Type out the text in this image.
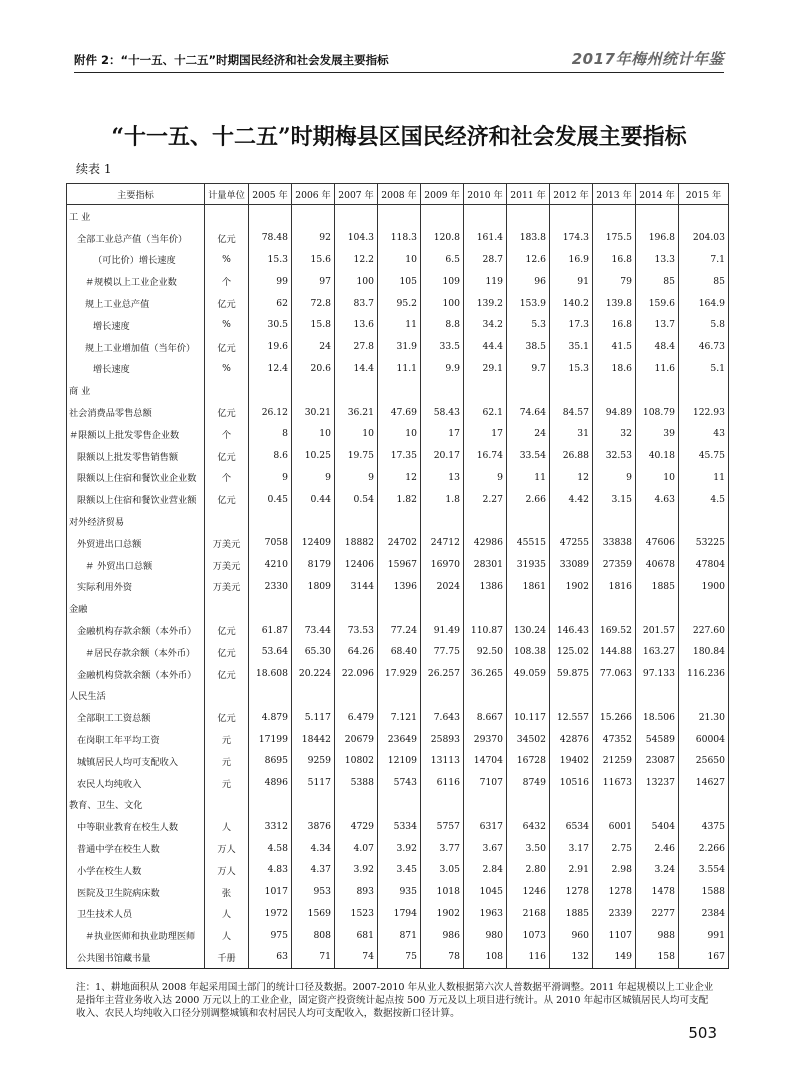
附件 2：“十一五、十二五”时期国民经济和社会发展主要指标	2017年梅州统计年鉴
“十一五、十二五”时期梅县区国民经济和社会发展主要指标
续表 1
主要指标	计量单位	2005 年	2006 年	2007 年	2008 年	2009 年	2010 年	2011 年	2012 年	2013 年	2014 年	2015 年
工 业												
全部工业总产值（当年价）	亿元	78.48	92	104.3	118.3	120.8	161.4	183.8	174.3	175.5	196.8	204.03
（可比价）增长速度	%	15.3	15.6	12.2	10	6.5	28.7	12.6	16.9	16.8	13.3	7.1
＃规模以上工业企业数	个	99	97	100	105	109	119	96	91	79	85	85
规上工业总产值	亿元	62	72.8	83.7	95.2	100	139.2	153.9	140.2	139.8	159.6	164.9
增长速度	%	30.5	15.8	13.6	11	8.8	34.2	5.3	17.3	16.8	13.7	5.8
规上工业增加值（当年价）	亿元	19.6	24	27.8	31.9	33.5	44.4	38.5	35.1	41.5	48.4	46.73
增长速度	%	12.4	20.6	14.4	11.1	9.9	29.1	9.7	15.3	18.6	11.6	5.1
商 业												
社会消费品零售总额	亿元	26.12	30.21	36.21	47.69	58.43	62.1	74.64	84.57	94.89	108.79	122.93
＃限额以上批发零售企业数	个	8	10	10	10	17	17	24	31	32	39	43
限额以上批发零售销售额	亿元	8.6	10.25	19.75	17.35	20.17	16.74	33.54	26.88	32.53	40.18	45.75
限额以上住宿和餐饮业企业数	个	9	9	9	12	13	9	11	12	9	10	11
限额以上住宿和餐饮业营业额	亿元	0.45	0.44	0.54	1.82	1.8	2.27	2.66	4.42	3.15	4.63	4.5
对外经济贸易												
外贸进出口总额	万美元	7058	12409	18882	24702	24712	42986	45515	47255	33838	47606	53225
＃ 外贸出口总额	万美元	4210	8179	12406	15967	16970	28301	31935	33089	27359	40678	47804
实际利用外资	万美元	2330	1809	3144	1396	2024	1386	1861	1902	1816	1885	1900
金融												
金融机构存款余额（本外币）	亿元	61.87	73.44	73.53	77.24	91.49	110.87	130.24	146.43	169.52	201.57	227.60
＃居民存款余额（本外币）	亿元	53.64	65.30	64.26	68.40	77.75	92.50	108.38	125.02	144.88	163.27	180.84
金融机构贷款余额（本外币）	亿元	18.608	20.224	22.096	17.929	26.257	36.265	49.059	59.875	77.063	97.133	116.236
人民生活												
全部职工工资总额	亿元	4.879	5.117	6.479	7.121	7.643	8.667	10.117	12.557	15.266	18.506	21.30
在岗职工年平均工资	元	17199	18442	20679	23649	25893	29370	34502	42876	47352	54589	60004
城镇居民人均可支配收入	元	8695	9259	10802	12109	13113	14704	16728	19402	21259	23087	25650
农民人均纯收入	元	4896	5117	5388	5743	6116	7107	8749	10516	11673	13237	14627
教育、卫生、文化												
中等职业教育在校生人数	人	3312	3876	4729	5334	5757	6317	6432	6534	6001	5404	4375
普通中学在校生人数	万人	4.58	4.34	4.07	3.92	3.77	3.67	3.50	3.17	2.75	2.46	2.266
小学在校生人数	万人	4.83	4.37	3.92	3.45	3.05	2.84	2.80	2.91	2.98	3.24	3.554
医院及卫生院病床数	张	1017	953	893	935	1018	1045	1246	1278	1278	1478	1588
卫生技术人员	人	1972	1569	1523	1794	1902	1963	2168	1885	2339	2277	2384
＃执业医师和执业助理医师	人	975	808	681	871	986	980	1073	960	1107	988	991
公共图书馆藏书量	千册	63	71	74	75	78	108	116	132	149	158	167
注：1、耕地面积从 2008 年起采用国土部门的统计口径及数据。2007-2010 年从业人数根据第六次人普数据平滑调整。2011 年起规模以上工业企业是指年主营业务收入达 2000 万元以上的工业企业，固定资产投资统计起点按 500 万元及以上项目进行统计。从 2010 年起市区城镇居民人均可支配收入、农民人均纯收入口径分别调整城镇和农村居民人均可支配收入，数据按新口径计算。
503
